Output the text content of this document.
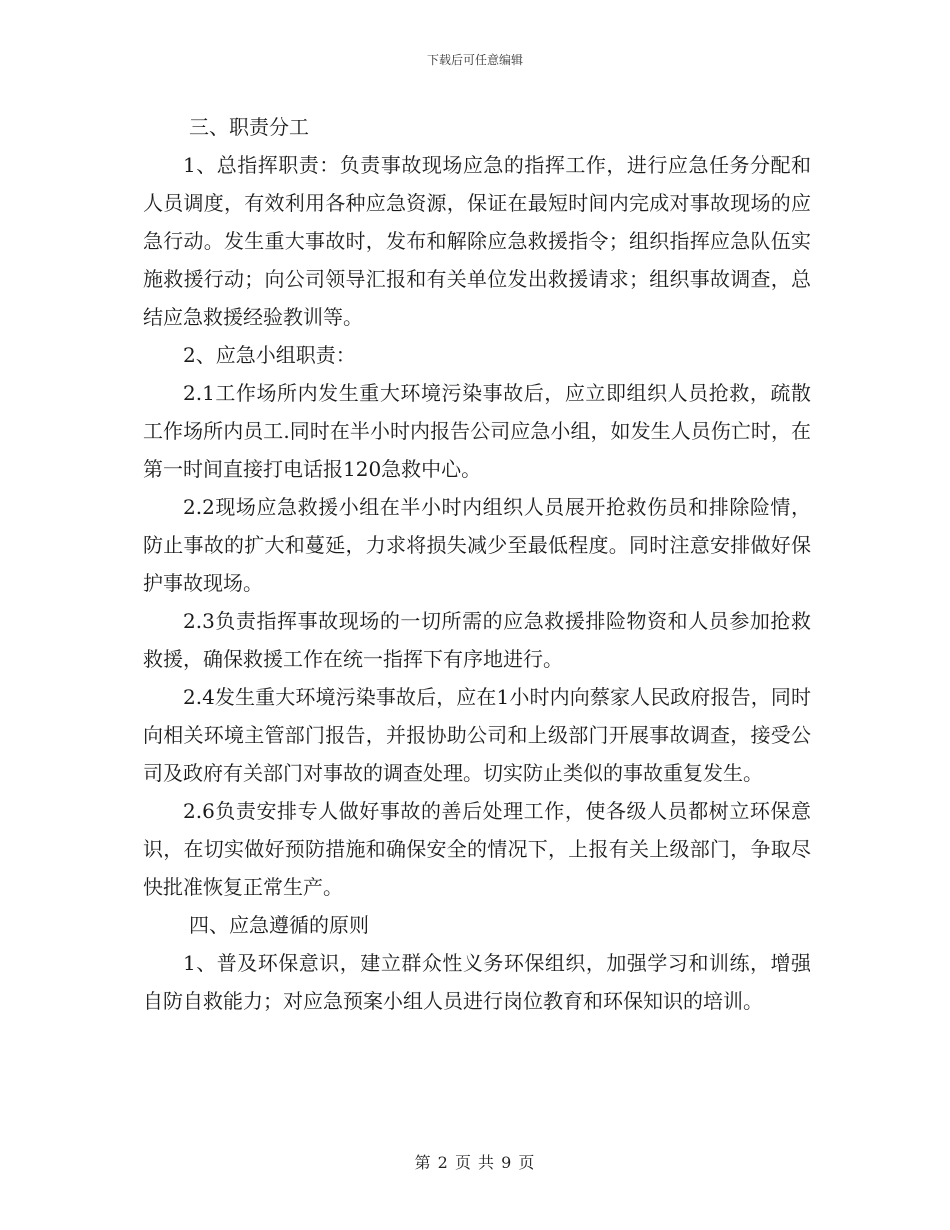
下载后可任意编辑

三、职责分工

1、总指挥职责：负责事故现场应急的指挥工作，进行应急任务分配和人员调度，有效利用各种应急资源，保证在最短时间内完成对事故现场的应急行动。发生重大事故时，发布和解除应急救援指令；组织指挥应急队伍实施救援行动；向公司领导汇报和有关单位发出救援请求；组织事故调查，总结应急救援经验教训等。

2、应急小组职责：

2.1工作场所内发生重大环境污染事故后，应立即组织人员抢救，疏散工作场所内员工.同时在半小时内报告公司应急小组，如发生人员伤亡时，在第一时间直接打电话报120急救中心。

2.2现场应急救援小组在半小时内组织人员展开抢救伤员和排除险情，防止事故的扩大和蔓延，力求将损失减少至最低程度。同时注意安排做好保护事故现场。

2.3负责指挥事故现场的一切所需的应急救援排险物资和人员参加抢救救援，确保救援工作在统一指挥下有序地进行。

2.4发生重大环境污染事故后，应在1小时内向蔡家人民政府报告，同时向相关环境主管部门报告，并报协助公司和上级部门开展事故调查，接受公司及政府有关部门对事故的调查处理。切实防止类似的事故重复发生。

2.6负责安排专人做好事故的善后处理工作，使各级人员都树立环保意识，在切实做好预防措施和确保安全的情况下，上报有关上级部门，争取尽快批准恢复正常生产。

四、应急遵循的原则

1、普及环保意识，建立群众性义务环保组织，加强学习和训练，增强自防自救能力；对应急预案小组人员进行岗位教育和环保知识的培训。

第 2 页 共 9 页
